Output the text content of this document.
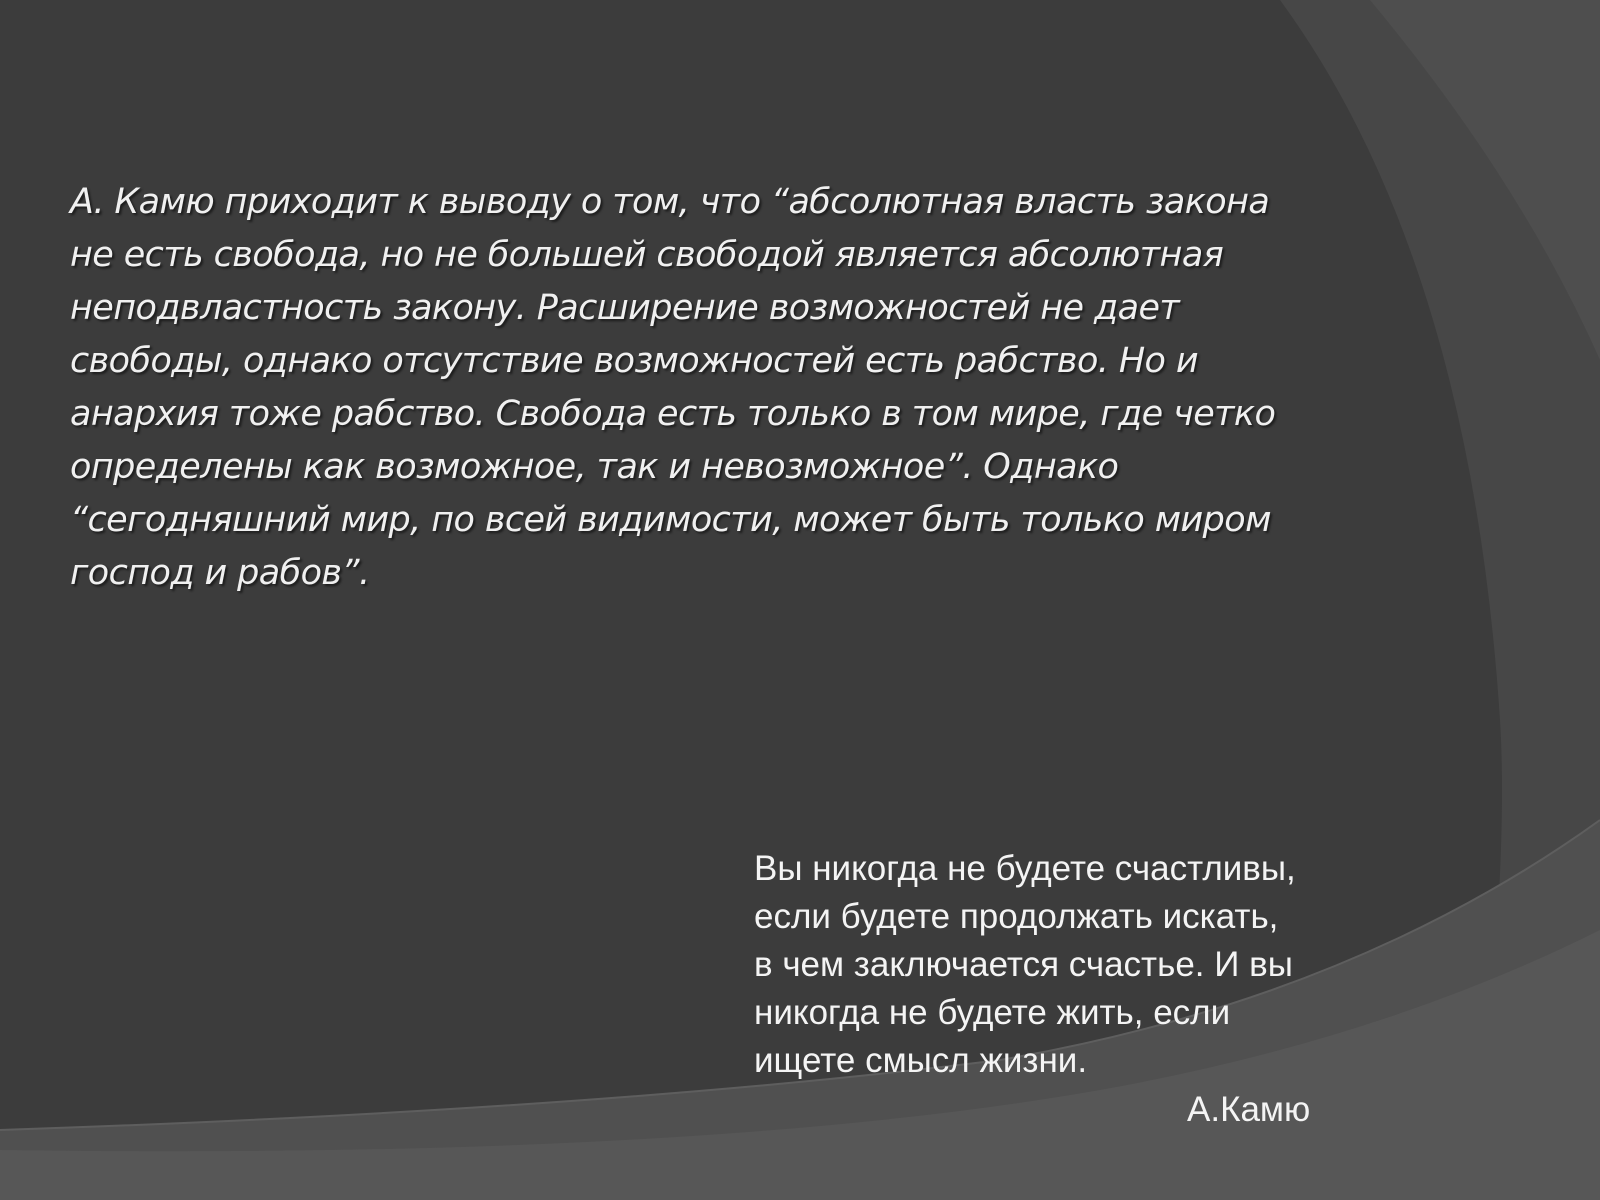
А. Камю приходит к выводу о том, что “абсолютная власть закона
не есть свобода, но не большей свободой является абсолютная
неподвластность закону. Расширение возможностей не дает
свободы, однако отсутствие возможностей есть рабство. Но и
анархия тоже рабство. Свобода есть только в том мире, где четко
определены как возможное, так и невозможное”. Однако
“сегодняшний мир, по всей видимости, может быть только миром
господ и рабов”.

Вы никогда не будете счастливы,
если будете продолжать искать,
в чем заключается счастье. И вы
никогда не будете жить, если
ищете смысл жизни.

А.Камю
